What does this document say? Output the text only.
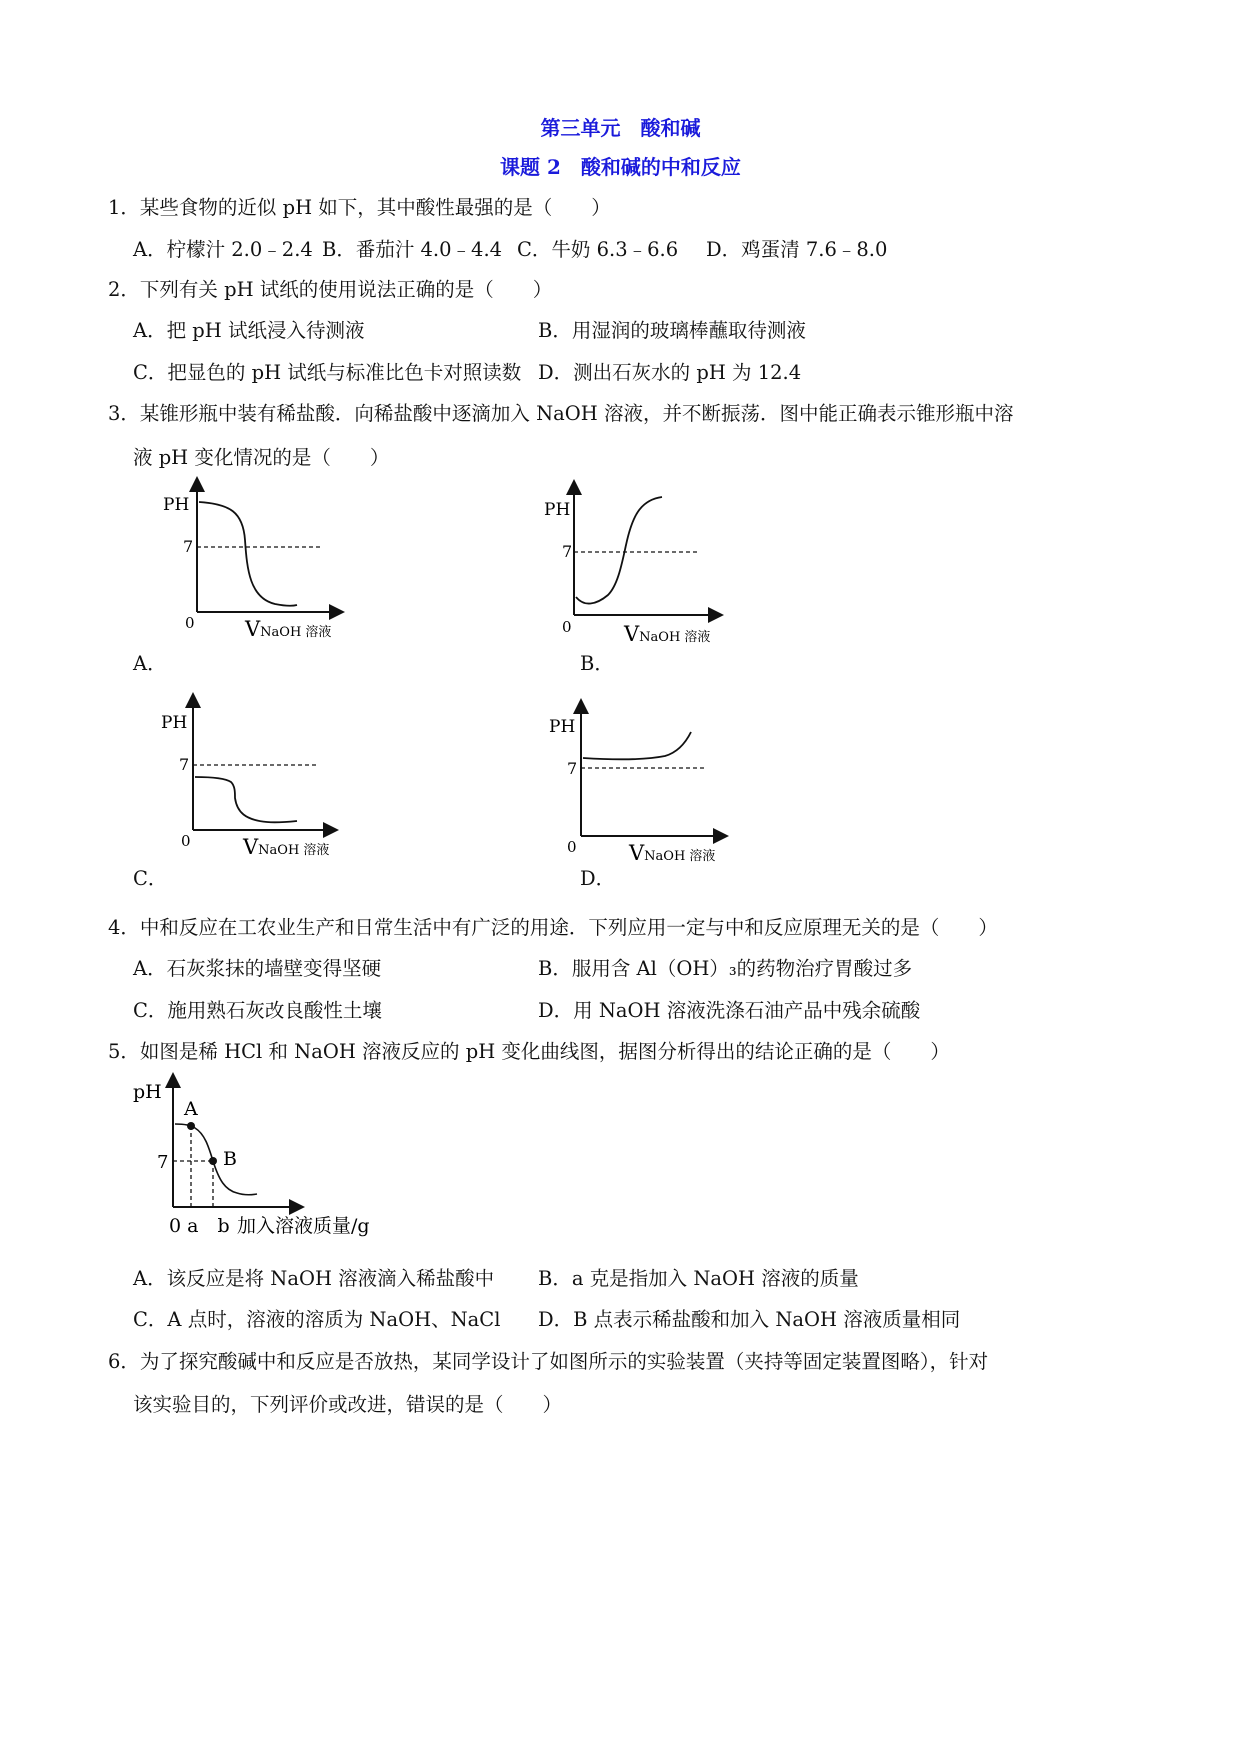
第三单元　酸和碱
课题 2　酸和碱的中和反应
1．某些食物的近似 pH 如下，其中酸性最强的是（　　）
A．柠檬汁 2.0﹣2.4 B．番茄汁 4.0﹣4.4 C．牛奶 6.3﹣6.6 D．鸡蛋清 7.6﹣8.0
2．下列有关 pH 试纸的使用说法正确的是（　　）
A．把 pH 试纸浸入待测液	B．用湿润的玻璃棒蘸取待测液
C．把显色的 pH 试纸与标准比色卡对照读数 D．测出石灰水的 pH 为 12.4
3．某锥形瓶中装有稀盐酸．向稀盐酸中逐滴加入 NaOH 溶液，并不断振荡．图中能正确表示锥形瓶中溶
液 pH 变化情况的是（　　）
PH
7
0 VNaOH 溶液
A．
PH
7
0 VNaOH 溶液
B．
PH
7
0 VNaOH 溶液
C．
PH
7
0 VNaOH 溶液
D．
4．中和反应在工农业生产和日常生活中有广泛的用途．下列应用一定与中和反应原理无关的是（　　）
A．石灰浆抹的墙壁变得坚硬	B．服用含 Al（OH）₃的药物治疗胃酸过多
C．施用熟石灰改良酸性土壤	D．用 NaOH 溶液洗涤石油产品中残余硫酸
5．如图是稀 HCl 和 NaOH 溶液反应的 pH 变化曲线图，据图分析得出的结论正确的是（　　）
pH
7
A
B
0 a　b 加入溶液质量/g
A．该反应是将 NaOH 溶液滴入稀盐酸中 B．a 克是指加入 NaOH 溶液的质量
C．A 点时，溶液的溶质为 NaOH、NaCl D．B 点表示稀盐酸和加入 NaOH 溶液质量相同
6．为了探究酸碱中和反应是否放热，某同学设计了如图所示的实验装置（夹持等固定装置图略），针对
该实验目的，下列评价或改进，错误的是（　　）
